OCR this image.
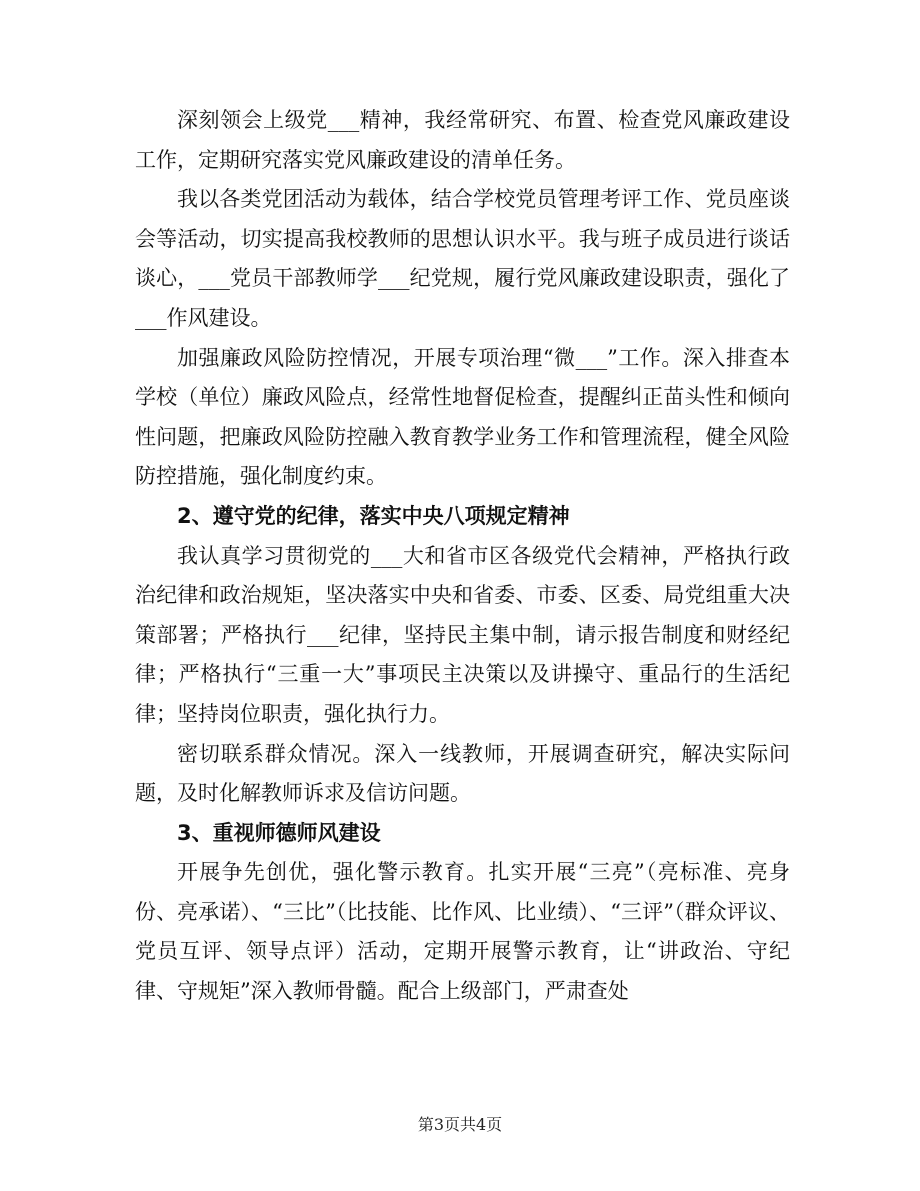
深刻领会上级党___精神，我经常研究、布置、检查党风廉政建设工作，定期研究落实党风廉政建设的清单任务。

我以各类党团活动为载体，结合学校党员管理考评工作、党员座谈会等活动，切实提高我校教师的思想认识水平。我与班子成员进行谈话谈心，___党员干部教师学___纪党规，履行党风廉政建设职责，强化了___作风建设。

加强廉政风险防控情况，开展专项治理“微___”工作。深入排查本学校（单位）廉政风险点，经常性地督促检查，提醒纠正苗头性和倾向性问题，把廉政风险防控融入教育教学业务工作和管理流程，健全风险防控措施，强化制度约束。

2、遵守党的纪律，落实中央八项规定精神

我认真学习贯彻党的___大和省市区各级党代会精神，严格执行政治纪律和政治规矩，坚决落实中央和省委、市委、区委、局党组重大决策部署；严格执行___纪律，坚持民主集中制，请示报告制度和财经纪律；严格执行“三重一大”事项民主决策以及讲操守、重品行的生活纪律；坚持岗位职责，强化执行力。

密切联系群众情况。深入一线教师，开展调查研究，解决实际问题，及时化解教师诉求及信访问题。

3、重视师德师风建设

开展争先创优，强化警示教育。扎实开展“三亮”（亮标准、亮身份、亮承诺）、“三比”（比技能、比作风、比业绩）、“三评”（群众评议、党员互评、领导点评）活动，定期开展警示教育，让“讲政治、守纪律、守规矩”深入教师骨髓。配合上级部门，严肃查处

第3页共4页
